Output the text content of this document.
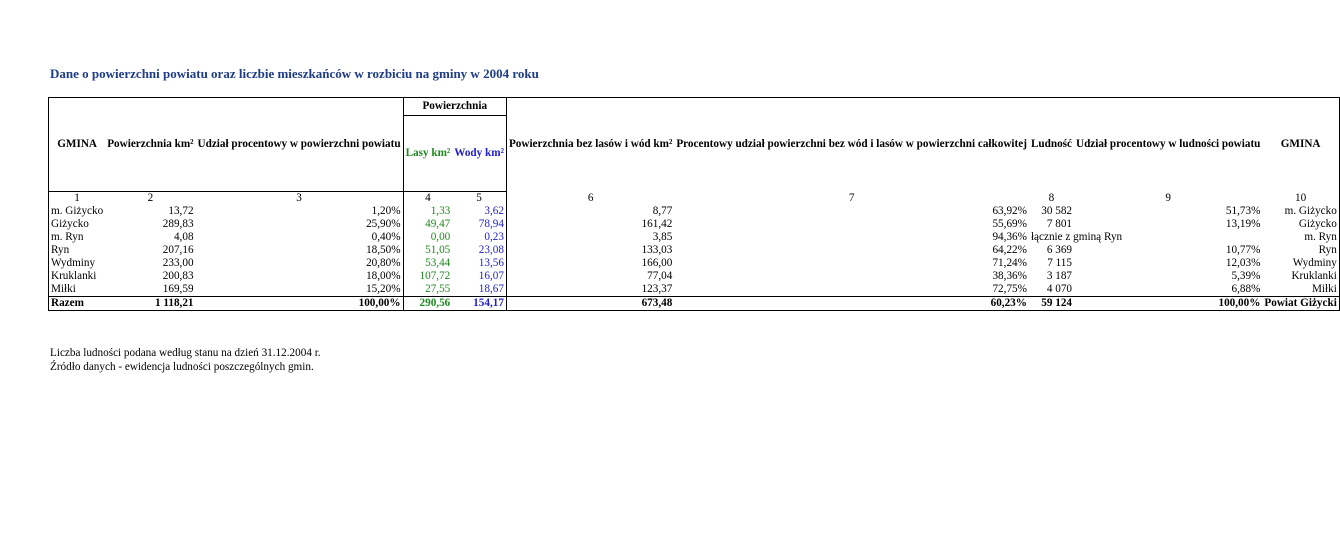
Dane o powierzchni powiatu oraz liczbie mieszkańców w rozbiciu na gminy w 2004 roku
GMINA	Powierzchnia km²	Udział procentowy w powierzchni powiatu	Powierzchnia		Powierzchnia bez lasów i wód km²	Procentowy udział powierzchni bez wód i lasów w powierzchni całkowitej	Ludność	Udział procentowy w ludności powiatu	GMINA
			Lasy km²	Wody km²					
1	2	3	4	5	6	7	8	9	10
m. Giżycko	13,72	1,20%	1,33	3,62	8,77	63,92%	30 582	51,73%	m. Giżycko
Giżycko	289,83	25,90%	49,47	78,94	161,42	55,69%	7 801	13,19%	Giżycko
m. Ryn	4,08	0,40%	0,00	0,23	3,85	94,36%	łącznie z gminą Ryn		m. Ryn
Ryn	207,16	18,50%	51,05	23,08	133,03	64,22%	6 369	10,77%	Ryn
Wydminy	233,00	20,80%	53,44	13,56	166,00	71,24%	7 115	12,03%	Wydminy
Kruklanki	200,83	18,00%	107,72	16,07	77,04	38,36%	3 187	5,39%	Kruklanki
Miłki	169,59	15,20%	27,55	18,67	123,37	72,75%	4 070	6,88%	Miłki
Razem	1 118,21	100,00%	290,56	154,17	673,48	60,23%	59 124	100,00%	Powiat Giżycki
Liczba ludności podana według stanu na dzień 31.12.2004 r.
Źródło danych - ewidencja ludności poszczególnych gmin.
